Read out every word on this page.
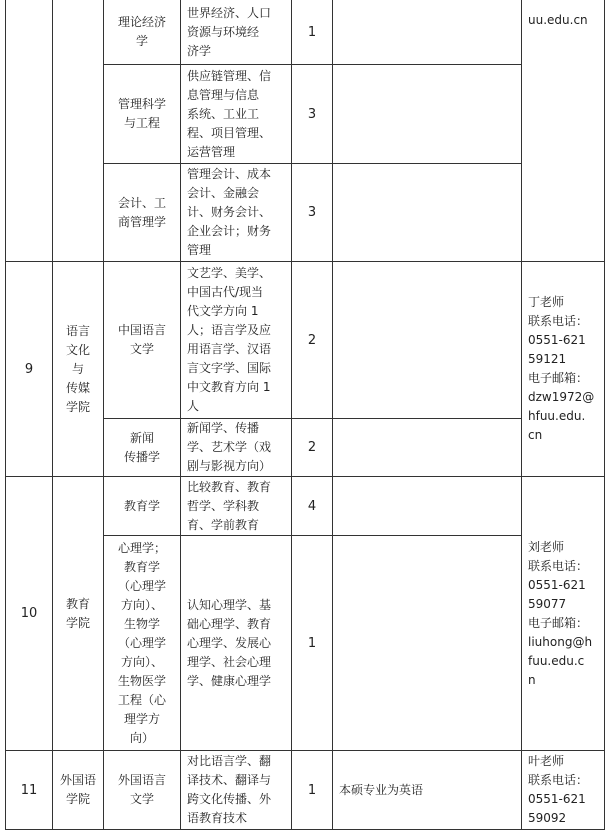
理论经济
学
世界经济、人口
资源与环境经
济学
1
管理科学
与工程
供应链管理、信
息管理与信息
系统、工业工
程、项目管理、
运营管理
3
会计、工
商管理学
管理会计、成本
会计、金融会
计、财务会计、
企业会计；财务
管理
3
uu.edu.cn
9
语言
文化
与
传媒
学院
中国语言
文学
文艺学、美学、
中国古代/现当
代文学方向 1
人；语言学及应
用语言学、汉语
言文字学、国际
中文教育方向 1
人
2
新闻
传播学
新闻学、传播
学、艺术学（戏
剧与影视方向）
2
丁老师
联系电话：
0551-621
59121
电子邮箱：
dzw1972@
hfuu.edu.
cn
10
教育
学院
教育学
比较教育、教育
哲学、学科教
育、学前教育
4
心理学；
教育学
（心理学
方向）、
生物学
（心理学
方向）、
生物医学
工程（心
理学方
向）
认知心理学、基
础心理学、教育
心理学、发展心
理学、社会心理
学、健康心理学
1
刘老师
联系电话：
0551-621
59077
电子邮箱：
liuhong@h
fuu.edu.c
n
11
外国语
学院
外国语言
文学
对比语言学、翻
译技术、翻译与
跨文化传播、外
语教育技术
1 本硕专业为英语
叶老师
联系电话：
0551-621
59092
